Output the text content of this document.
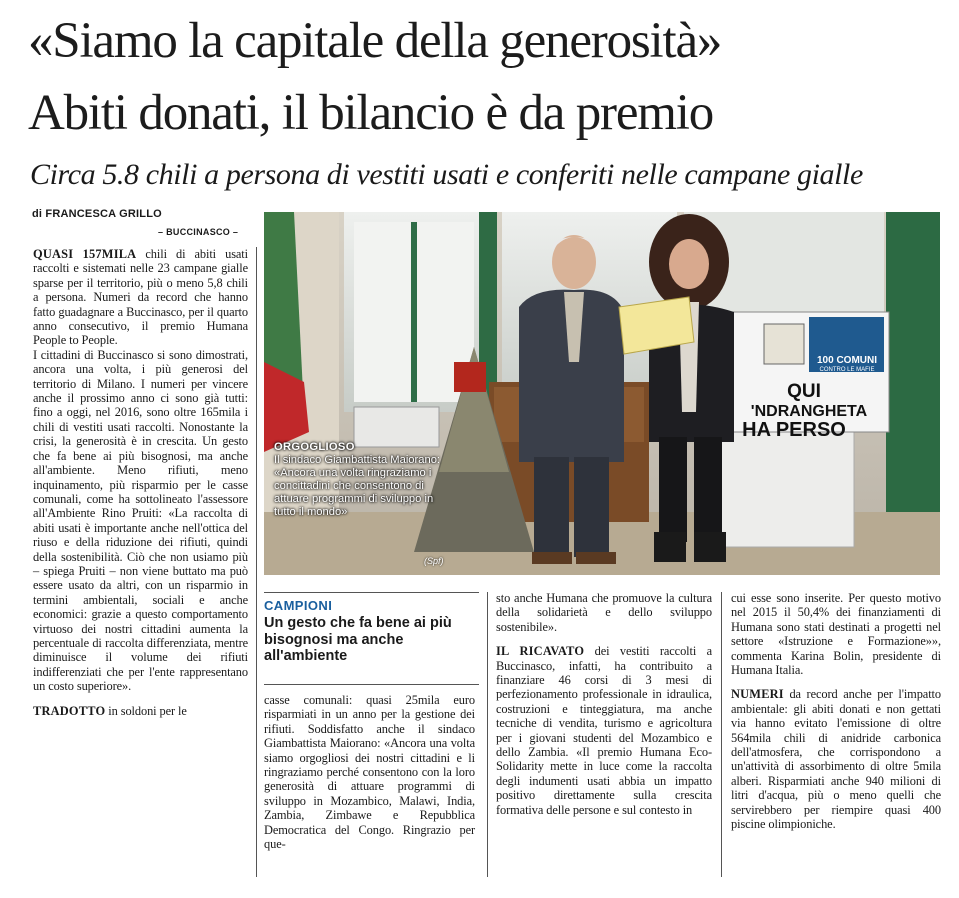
«Siamo la capitale della generosità»
Abiti donati, il bilancio è da premio
Circa 5.8 chili a persona di vestiti usati e conferiti nelle campane gialle
di FRANCESCA GRILLO
– BUCCINASCO –

QUASI 157MILA chili di abiti usati raccolti e sistemati nelle 23 campane gialle sparse per il territorio, più o meno 5,8 chili a persona. Numeri da record che hanno fatto guadagnare a Buccinasco, per il quarto anno consecutivo, il premio Humana People to People.

I cittadini di Buccinasco si sono dimostrati, ancora una volta, i più generosi del territorio di Milano. I numeri per vincere anche il prossimo anno ci sono già tutti: fino a oggi, nel 2016, sono oltre 165mila i chili di vestiti usati raccolti. Nonostante la crisi, la generosità è in crescita. Un gesto che fa bene ai più bisognosi, ma anche all'ambiente. Meno rifiuti, meno inquinamento, più risparmio per le casse comunali, come ha sottolineato l'assessore all'Ambiente Rino Pruiti: «La raccolta di abiti usati è importante anche nell'ottica del riuso e della riduzione dei rifiuti, quindi della sostenibilità. Ciò che non usiamo più – spiega Pruiti – non viene buttato ma può essere usato da altri, con un risparmio in termini ambientali, sociali e anche economici: grazie a questo comportamento virtuoso dei nostri cittadini aumenta la percentuale di raccolta differenziata, mentre diminuisce il volume dei rifiuti indifferenziati che per l'ente rappresentano un costo superiore».

TRADOTTO in soldoni per le

100 COMUNI
CONTRO LE MAFIE
QUI
'NDRANGHETA
HA PERSO
ORGOGLIOSO
Il sindaco Giambattista Maiorano: «Ancora una volta ringraziamo i concittadini che consentono di attuare programmi di sviluppo in tutto il mondo»
(Spf)
CAMPIONI
Un gesto che fa bene ai più bisognosi ma anche all'ambiente

casse comunali: quasi 25mila euro risparmiati in un anno per la gestione dei rifiuti. Soddisfatto anche il sindaco Giambattista Maiorano: «Ancora una volta siamo orgogliosi dei nostri cittadini e li ringraziamo perché consentono con la loro generosità di attuare programmi di sviluppo in Mozambico, Malawi, India, Zambia, Zimbawe e Repubblica Democratica del Congo. Ringrazio per que-

sto anche Humana che promuove la cultura della solidarietà e dello sviluppo sostenibile».

IL RICAVATO dei vestiti raccolti a Buccinasco, infatti, ha contribuito a finanziare 46 corsi di 3 mesi di perfezionamento professionale in idraulica, costruzioni e tinteggiatura, ma anche tecniche di vendita, turismo e agricoltura per i giovani studenti del Mozambico e dello Zambia. «Il premio Humana Eco-Solidarity mette in luce come la raccolta degli indumenti usati abbia un impatto positivo direttamente sulla crescita formativa delle persone e sul contesto in

cui esse sono inserite. Per questo motivo nel 2015 il 50,4% dei finanziamenti di Humana sono stati destinati a progetti nel settore «Istruzione e Formazione»», commenta Karina Bolin, presidente di Humana Italia.

NUMERI da record anche per l'impatto ambientale: gli abiti donati e non gettati via hanno evitato l'emissione di oltre 564mila chili di anidride carbonica dell'atmosfera, che corrispondono a un'attività di assorbimento di oltre 5mila alberi. Risparmiati anche 940 milioni di litri d'acqua, più o meno quelli che servirebbero per riempire quasi 400 piscine olimpioniche.
